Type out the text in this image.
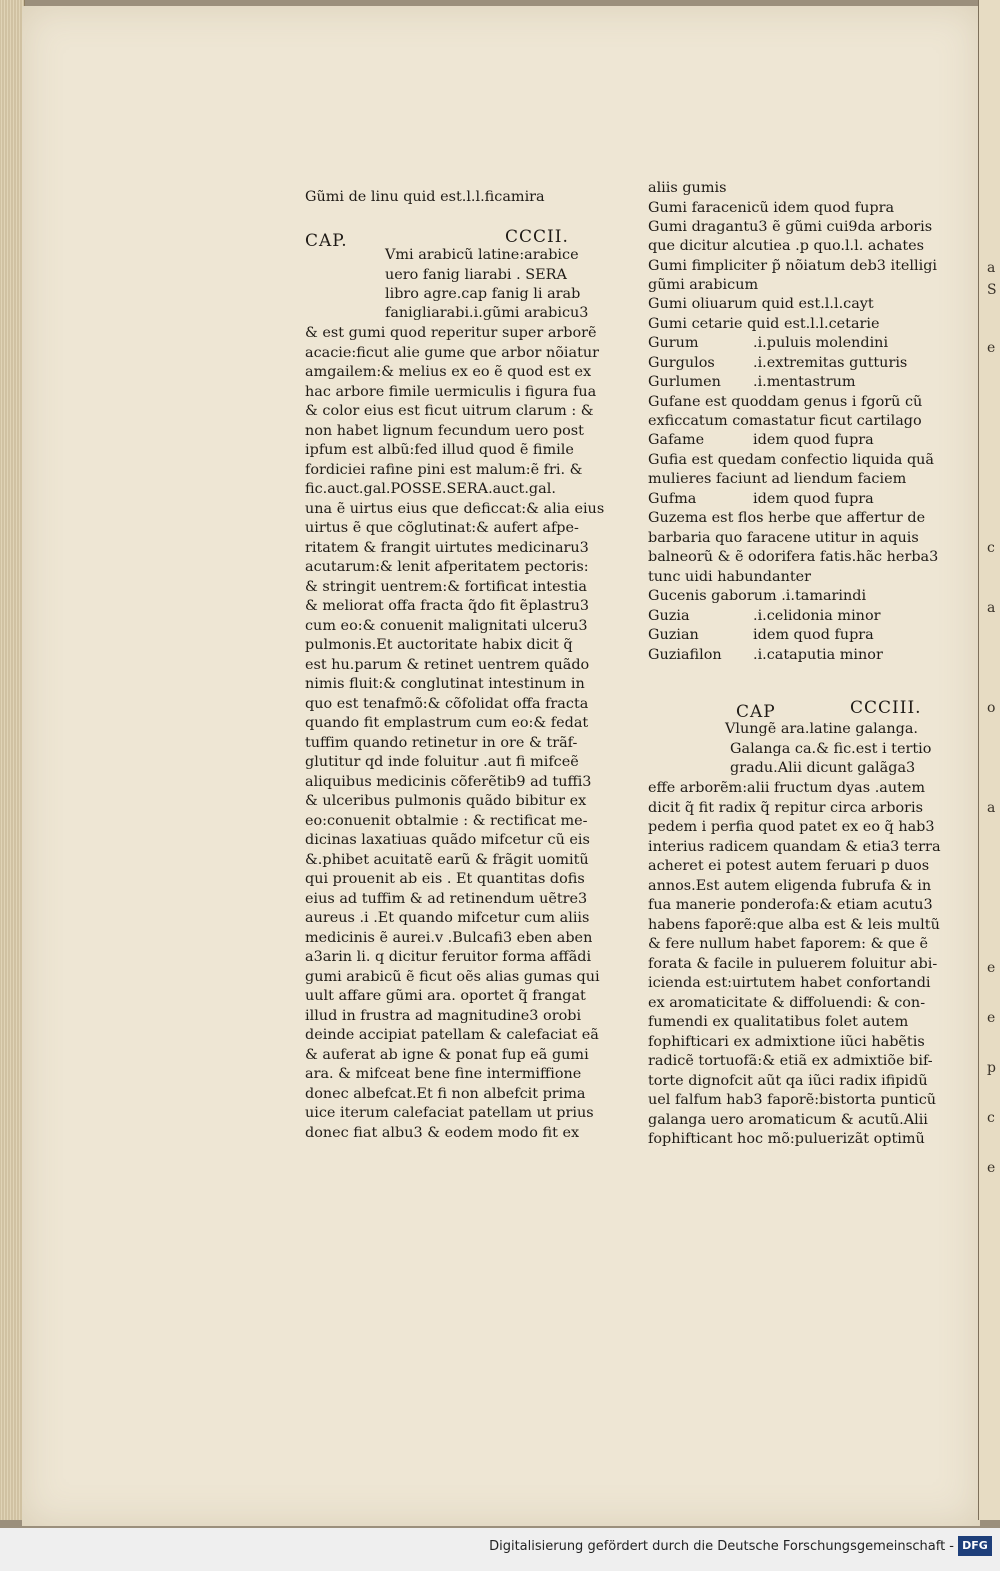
a
S
e
c
a
o
a
e
e
p
c
e
Gũmi de linu quid est.l.l.ficamira
CAP.	CCCII.
Vmi arabicũ latine:arabice
uero fanig liarabi . SERA
libro agre.cap fanig li arab
fanigliarabi.i.gũmi arabicu3
& est gumi quod reperitur super arborẽ
acacie:ficut alie gume que arbor nõiatur
amgailem:& melius ex eo ẽ quod est ex
hac arbore fimile uermiculis i figura fua
& color eius est ficut uitrum clarum : &
non habet lignum fecundum uero post
ipfum est albũ:fed illud quod ẽ fimile
fordiciei rafine pini est malum:ẽ fri. &
fic.auct.gal.POSSE.SERA.auct.gal.
una ẽ uirtus eius que deficcat:& alia eius
uirtus ẽ que cõglutinat:& aufert afpe-
ritatem & frangit uirtutes medicinaru3
acutarum:& lenit afperitatem pectoris:
& stringit uentrem:& fortificat intestia
& meliorat offa fracta q̃do fit ẽplastru3
cum eo:& conuenit malignitati ulceru3
pulmonis.Et auctoritate habix dicit q̃
est hu.parum & retinet uentrem quãdo
nimis fluit:& conglutinat intestinum in
quo est tenafmõ:& cõfolidat offa fracta
quando fit emplastrum cum eo:& fedat
tuffim quando retinetur in ore & trãf-
glutitur qd inde foluitur .aut fi mifceẽ
aliquibus medicinis cõferẽtib9 ad tuffi3
& ulceribus pulmonis quãdo bibitur ex
eo:conuenit obtalmie : & rectificat me-
dicinas laxatiuas quãdo mifcetur cũ eis
&.phibet acuitatẽ earũ & frãgit uomitũ
qui prouenit ab eis . Et quantitas dofis
eius ad tuffim & ad retinendum uẽtre3
aureus .i .Et quando mifcetur cum aliis
medicinis ẽ aurei.v .Bulcafi3 eben aben
a3arin li. q dicitur feruitor forma affãdi
gumi arabicũ ẽ ficut oẽs alias gumas qui
uult affare gũmi ara. oportet q̃ frangat
illud in frustra ad magnitudine3 orobi
deinde accipiat patellam & calefaciat eã
& auferat ab igne & ponat fup eã gumi
ara. & mifceat bene fine intermiffione
donec albefcat.Et fi non albefcit prima
uice iterum calefaciat patellam ut prius
donec fiat albu3 & eodem modo fit ex
aliis gumis
Gumi faracenicũ idem quod fupra
Gumi dragantu3 ẽ gũmi cui9da arboris
que dicitur alcutiea .p quo.l.l. achates
Gumi fimpliciter p̃ nõiatum deb3 itelligi
gũmi arabicum
Gumi oliuarum quid est.l.l.cayt
Gumi cetarie quid est.l.l.cetarie
Gurum	.i.puluis molendini
Gurgulos	.i.extremitas gutturis
Gurlumen .i.mentastrum
Gufane est quoddam genus i fgorũ cũ
exficcatum comastatur ficut cartilago
Gafame	idem quod fupra
Gufia est quedam confectio liquida quã
mulieres faciunt ad liendum faciem
Gufma	idem quod fupra
Guzema est flos herbe que affertur de
barbaria quo faracene utitur in aquis
balneorũ & ẽ odorifera fatis.hãc herba3
tunc uidi habundanter
Gucenis gaborum .i.tamarindi
Guzia	.i.celidonia minor
Guzian	idem quod fupra
Guziafilon .i.cataputia minor
CAP	CCCIII.
Vlungẽ ara.latine galanga.
Galanga ca.& fic.est i tertio
gradu.Alii dicunt galãga3
effe arborẽm:alii fructum dyas .autem
dicit q̃ fit radix q̃ repitur circa arboris
pedem i perfia quod patet ex eo q̃ hab3
interius radicem quandam & etia3 terra
acheret ei potest autem feruari p duos
annos.Est autem eligenda fubrufa & in
fua manerie ponderofa:& etiam acutu3
habens faporẽ:que alba est & leis multũ
& fere nullum habet faporem: & que ẽ
forata & facile in puluerem foluitur abi-
icienda est:uirtutem habet confortandi
ex aromaticitate & diffoluendi: & con-
fumendi ex qualitatibus folet autem
fophifticari ex admixtione iũci habẽtis
radicẽ tortuofã:& etiã ex admixtiõe bif-
torte dignofcit aũt qa iũci radix ifipidũ
uel falfum hab3 faporẽ:bistorta punticũ
galanga uero aromaticum & acutũ.Alii
fophifticant hoc mõ:puluerizãt optimũ
Digitalisierung gefördert durch die Deutsche Forschungsgemeinschaft - DFG
